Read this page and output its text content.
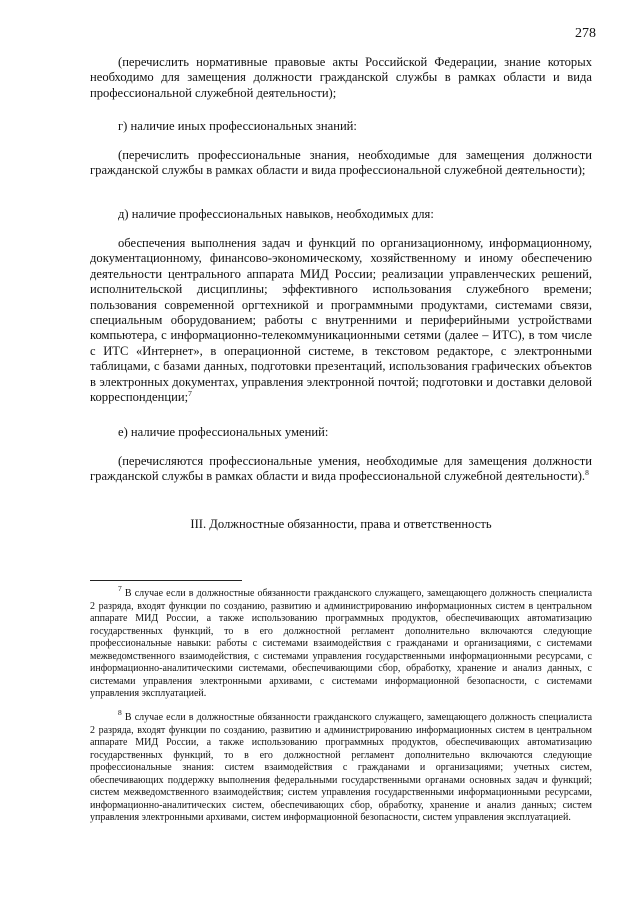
278

(перечислить нормативные правовые акты Российской Федерации, знание которых необходимо для замещения должности гражданской службы в рамках области и вида профессиональной служебной деятельности);

г) наличие иных профессиональных знаний:

(перечислить профессиональные знания, необходимые для замещения должности гражданской службы в рамках области и вида профессиональной служебной деятельности);

д) наличие профессиональных навыков, необходимых для:

обеспечения выполнения задач и функций по организационному, информационному, документационному, финансово-экономическому, хозяйственному и иному обеспечению деятельности центрального аппарата МИД России; реализации управленческих решений, исполнительской дисциплины; эффективного использования служебного времени; пользования современной оргтехникой и программными продуктами, системами связи, специальным оборудованием; работы с внутренними и периферийными устройствами компьютера, с информационно-телекоммуникационными сетями (далее – ИТС), в том числе с ИТС «Интернет», в операционной системе, в текстовом редакторе, с электронными таблицами, с базами данных, подготовки презентаций, использования графических объектов в электронных документах, управления электронной почтой; подготовки и доставки деловой корреспонденции;$^7$

е) наличие профессиональных умений:

(перечисляются профессиональные умения, необходимые для замещения должности гражданской службы в рамках области и вида профессиональной служебной деятельности).$^8$

III. Должностные обязанности, права и ответственность

$^7$ В случае если в должностные обязанности гражданского служащего, замещающего должность специалиста 2 разряда, входят функции по созданию, развитию и администрированию информационных систем в центральном аппарате МИД России, а также использованию программных продуктов, обеспечивающих автоматизацию государственных функций, то в его должностной регламент дополнительно включаются следующие профессиональные навыки: работы с системами взаимодействия с гражданами и организациями, с системами межведомственного взаимодействия, с системами управления государственными информационными ресурсами, с информационно-аналитическими системами, обеспечивающими сбор, обработку, хранение и анализ данных, с системами управления электронными архивами, с системами информационной безопасности, с системами управления эксплуатацией.

$^8$ В случае если в должностные обязанности гражданского служащего, замещающего должность специалиста 2 разряда, входят функции по созданию, развитию и администрированию информационных систем в центральном аппарате МИД России, а также использованию программных продуктов, обеспечивающих автоматизацию государственных функций, то в его должностной регламент дополнительно включаются следующие профессиональные знания: систем взаимодействия с гражданами и организациями; учетных систем, обеспечивающих поддержку выполнения федеральными государственными органами основных задач и функций; систем межведомственного взаимодействия; систем управления государственными информационными ресурсами, информационно-аналитических систем, обеспечивающих сбор, обработку, хранение и анализ данных; систем управления электронными архивами, систем информационной безопасности, систем управления эксплуатацией.
